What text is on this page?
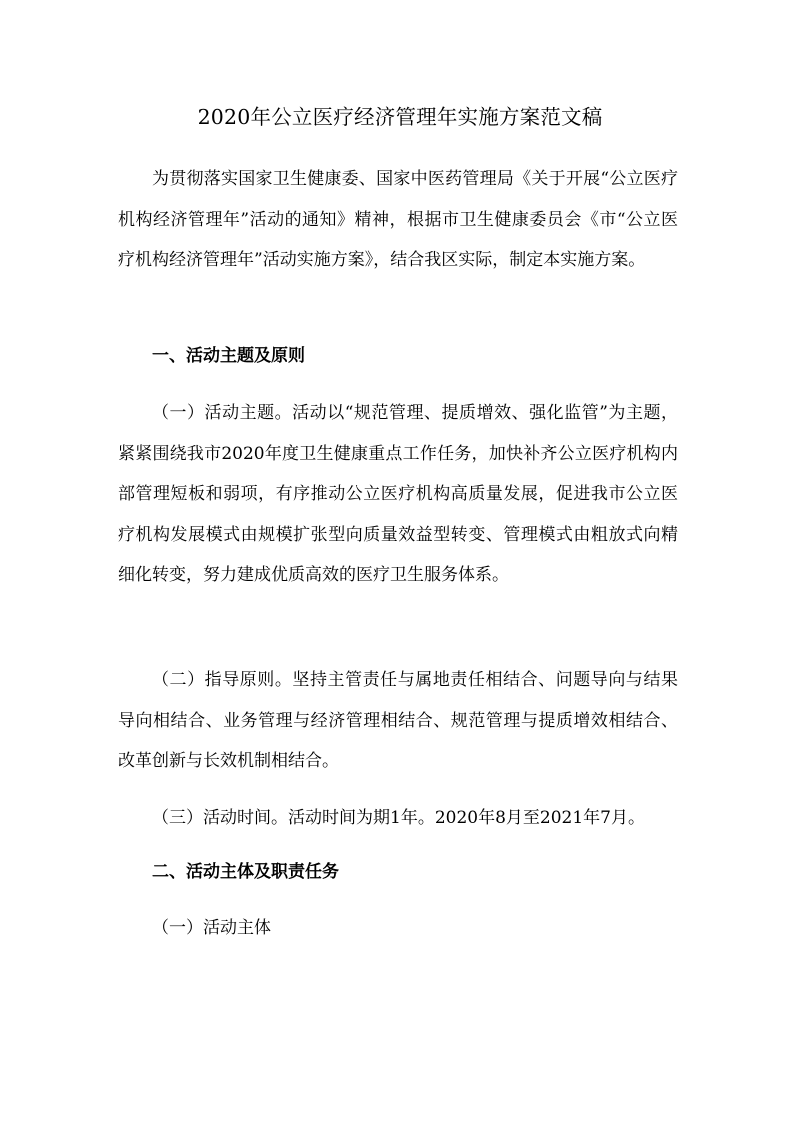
2020年公立医疗经济管理年实施方案范文稿

为贯彻落实国家卫生健康委、国家中医药管理局《关于开展“公立医疗机构经济管理年”活动的通知》精神，根据市卫生健康委员会《市“公立医疗机构经济管理年”活动实施方案》，结合我区实际，制定本实施方案。

一、活动主题及原则

（一）活动主题。活动以“规范管理、提质增效、强化监管”为主题，紧紧围绕我市2020年度卫生健康重点工作任务，加快补齐公立医疗机构内部管理短板和弱项，有序推动公立医疗机构高质量发展，促进我市公立医疗机构发展模式由规模扩张型向质量效益型转变、管理模式由粗放式向精细化转变，努力建成优质高效的医疗卫生服务体系。

（二）指导原则。坚持主管责任与属地责任相结合、问题导向与结果导向相结合、业务管理与经济管理相结合、规范管理与提质增效相结合、改革创新与长效机制相结合。

（三）活动时间。活动时间为期1年。2020年8月至2021年7月。

二、活动主体及职责任务

（一）活动主体
